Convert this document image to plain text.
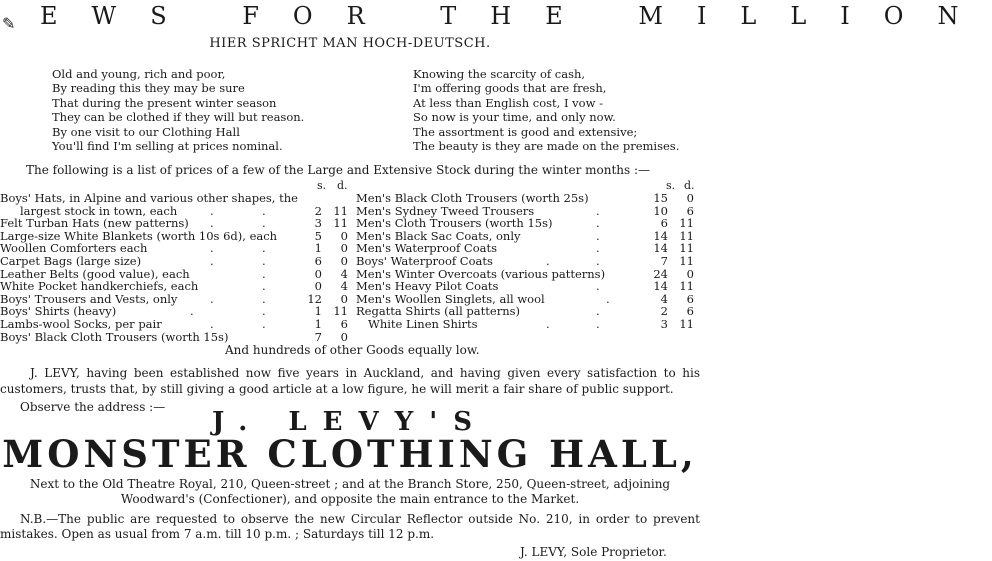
✎ EWS FOR THE MILLION
HIER SPRICHT MAN HOCH-DEUTSCH.
Old and young, rich and poor,
By reading this they may be sure
That during the present winter season
They can be clothed if they will but reason.
By one visit to our Clothing Hall
You'll find I'm selling at prices nominal.
Knowing the scarcity of cash,
I'm offering goods that are fresh,
At less than English cost, I vow -
So now is your time, and only now.
The assortment is good and extensive;
The beauty is they are made on the premises.
The following is a list of prices of a few of the Large and Extensive Stock during the winter months :—
s. d.	s. d.
Boys' Hats, in Alpine and various other shapes, the
largest stock in town, each	.	.	2 11
Felt Turban Hats (new patterns) .	.	3 11
Large-size White Blankets (worth 10s 6d), each	5	0
Woollen Comforters each	.	.	1	0
Carpet Bags (large size)	.	.	6	0
Leather Belts (good value), each	.	0	4
White Pocket handkerchiefs, each	.	0	4
Boys' Trousers and Vests, only	.	.	12	0
Boys' Shirts (heavy)	.	.	1 11
Lambs-wool Socks, per pair	.	.	1	6
Boys' Black Cloth Trousers (worth 15s)	7	0
Men's Black Cloth Trousers (worth 25s)	15	0
Men's Sydney Tweed Trousers	.	10	6
Men's Cloth Trousers (worth 15s)	.	6 11
Men's Black Sac Coats, only	.	14 11
Men's Waterproof Coats	.	14 11
Boys' Waterproof Coats	.	.	7 11
Men's Winter Overcoats (various patterns)	24	0
Men's Heavy Pilot Coats	.	14 11
Men's Woollen Singlets, all wool	.	4	6
Regatta Shirts (all patterns)	.	2	6
White Linen Shirts	.	.	3 11
And hundreds of other Goods equally low.
J. LEVY, having been established now five years in Auckland, and having given every satisfaction to his customers, trusts that, by still giving a good article at a low figure, he will merit a fair share of public support.
Observe the address :—	J. LEVY'S
MONSTER CLOTHING HALL,
Next to the Old Theatre Royal, 210, Queen-street ; and at the Branch Store, 250, Queen-street, adjoining Woodward's (Confectioner), and opposite the main entrance to the Market.
N.B.—The public are requested to observe the new Circular Reflector outside No. 210, in order to prevent mistakes. Open as usual from 7 a.m. till 10 p.m. ; Saturdays till 12 p.m.
J. LEVY, Sole Proprietor.
